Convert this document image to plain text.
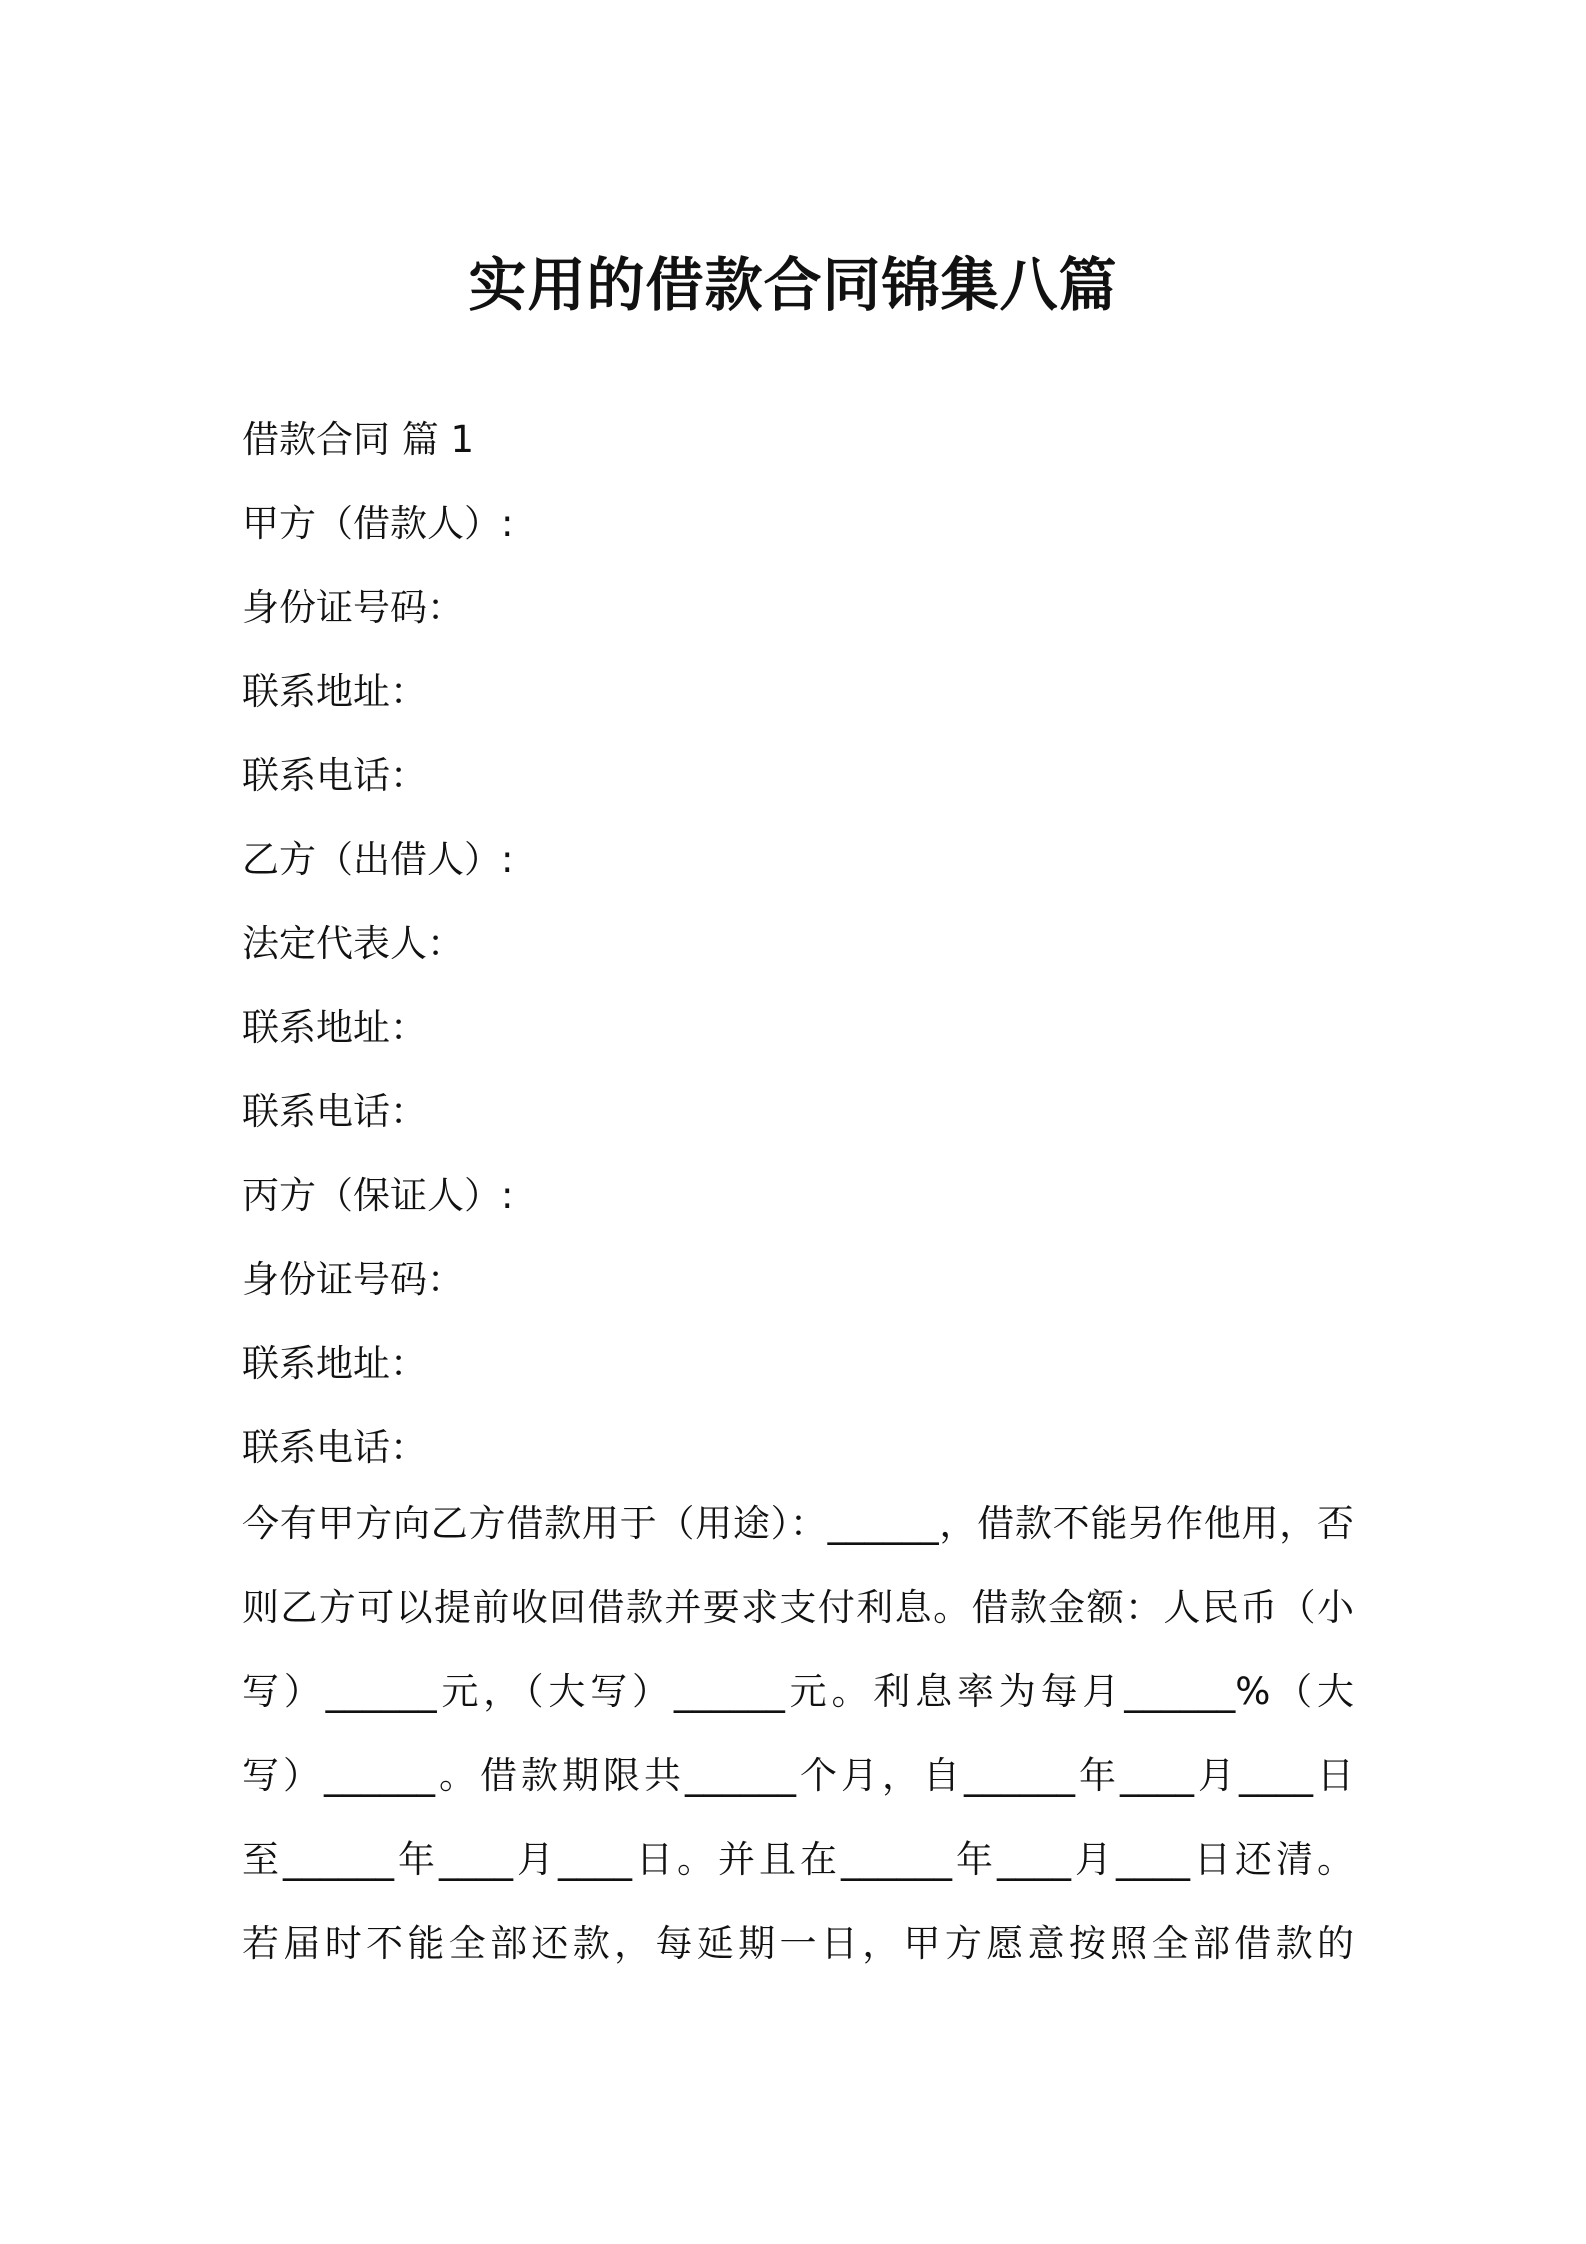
实用的借款合同锦集八篇
借款合同 篇 1
甲方（借款人）:
身份证号码：
联系地址：
联系电话：
乙方（出借人）:
法定代表人：
联系地址：
联系电话：
丙方（保证人）:
身份证号码：
联系地址：
联系电话：
今有甲方向乙方借款用于（用途）：______，借款不能另作他用，否
则乙方可以提前收回借款并要求支付利息。借款金额：人民币（小
写）______元，（大写）______元。利息率为每月______%（大
写）______。借款期限共______个月，自______年____月____日
至______年____月____日。并且在______年____月____日还清。
若届时不能全部还款，每延期一日，甲方愿意按照全部借款的
